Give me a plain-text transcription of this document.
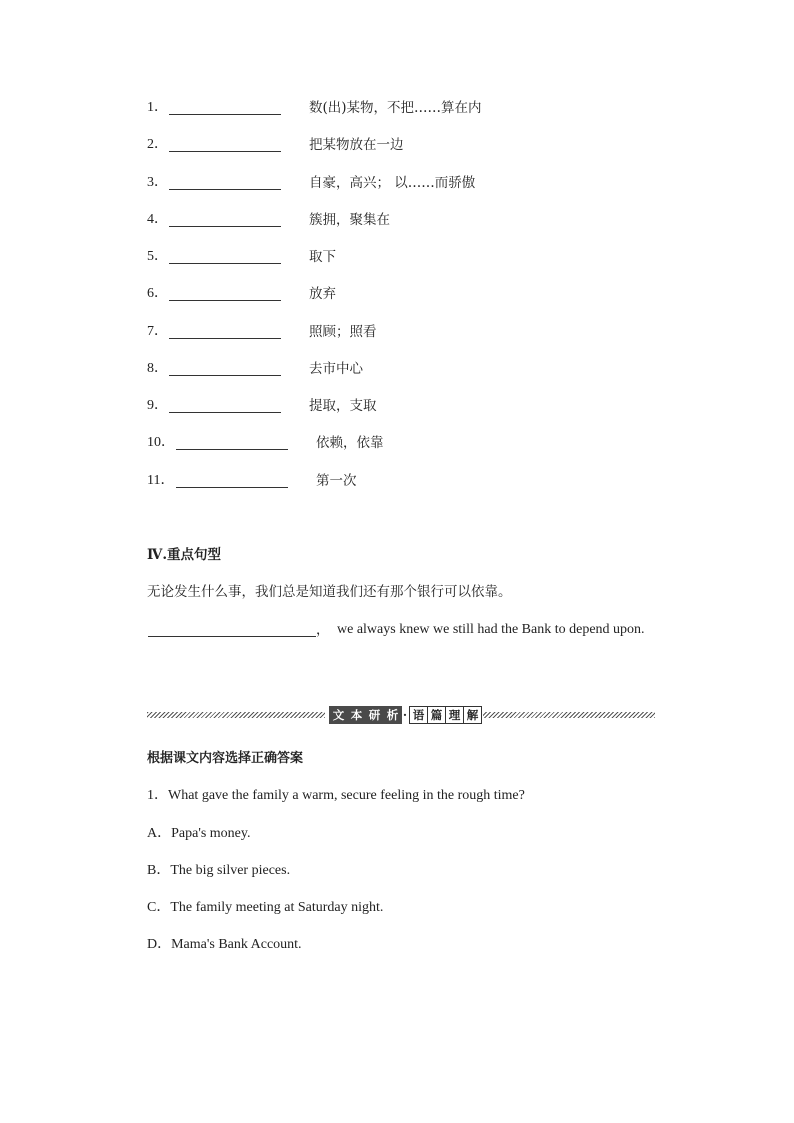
1．	数(出)某物，不把……算在内
2．	把某物放在一边
3．	自豪，高兴； 以……而骄傲
4．	簇拥，聚集在
5．	取下
6．	放弃
7．	照顾；照看
8．	去市中心
9．	提取，支取
10．	依赖，依靠
11．	第一次
Ⅳ.重点句型
无论发生什么事，我们总是知道我们还有那个银行可以依靠。
， we always knew we still had the Bank to depend upon.
文 本 研 析 · 语 篇 理 解
根据课文内容选择正确答案
1．What gave the family a warm, secure feeling in the rough time?
A．Papa's money.
B．The big silver pieces.
C．The family meeting at Saturday night.
D．Mama's Bank Account.
